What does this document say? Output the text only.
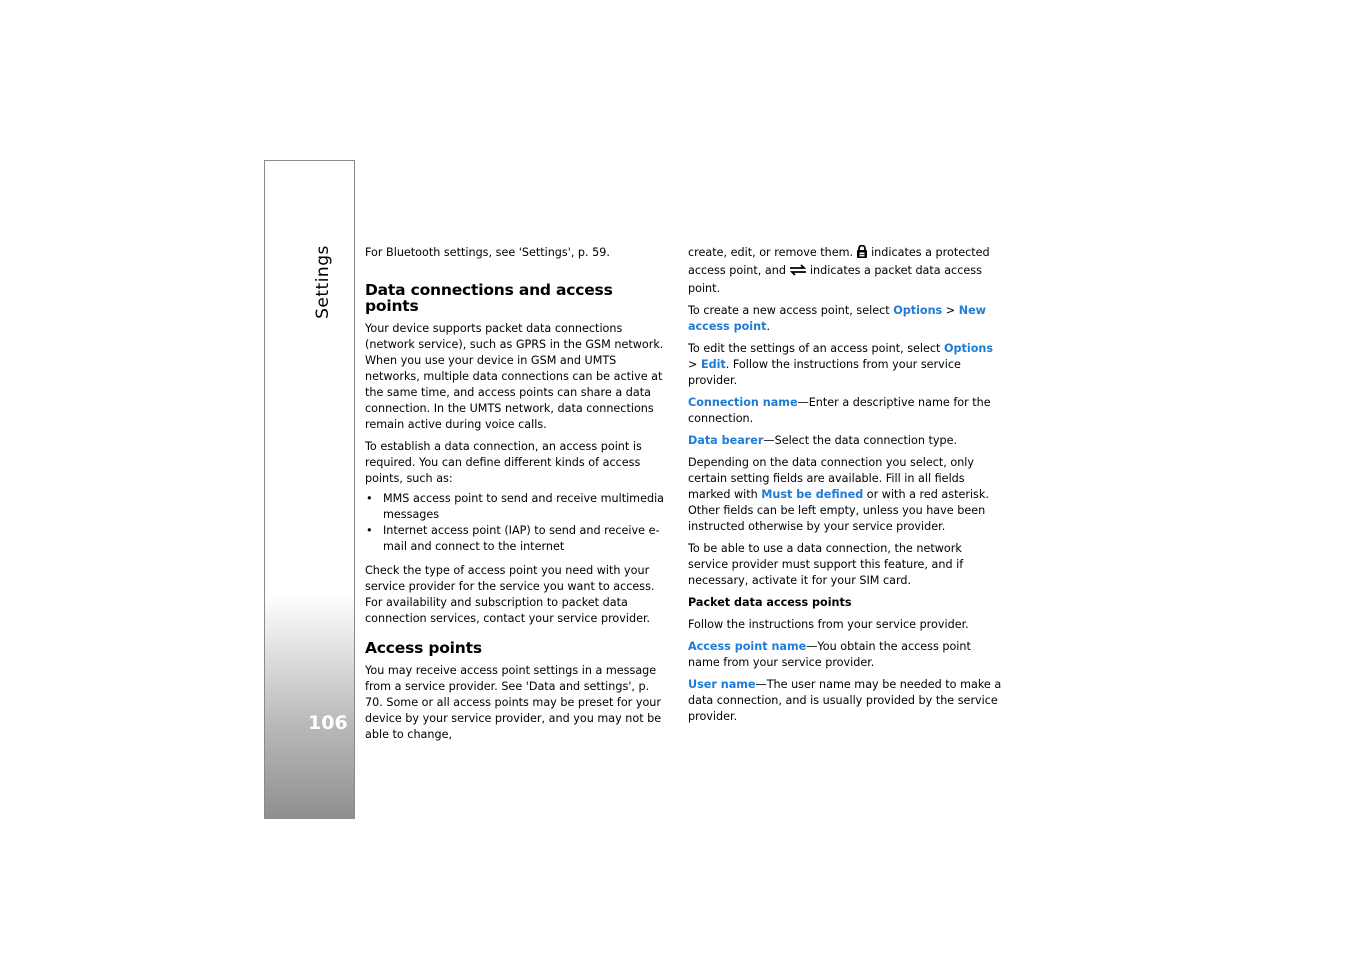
Settings
106

For Bluetooth settings, see 'Settings', p. 59.

Data connections and access points

Your device supports packet data connections (network service), such as GPRS in the GSM network. When you use your device in GSM and UMTS networks, multiple data connections can be active at the same time, and access points can share a data connection. In the UMTS network, data connections remain active during voice calls.

To establish a data connection, an access point is required. You can define different kinds of access points, such as:

• MMS access point to send and receive multimedia messages
• Internet access point (IAP) to send and receive e-mail and connect to the internet

Check the type of access point you need with your service provider for the service you want to access. For availability and subscription to packet data connection services, contact your service provider.

Access points

You may receive access point settings in a message from a service provider. See 'Data and settings', p. 70. Some or all access points may be preset for your device by your service provider, and you may not be able to change,

create, edit, or remove them. indicates a protected access point, and indicates a packet data access point.

To create a new access point, select Options > New access point.

To edit the settings of an access point, select Options > Edit. Follow the instructions from your service provider.

Connection name—Enter a descriptive name for the connection.

Data bearer—Select the data connection type.

Depending on the data connection you select, only certain setting fields are available. Fill in all fields marked with Must be defined or with a red asterisk. Other fields can be left empty, unless you have been instructed otherwise by your service provider.

To be able to use a data connection, the network service provider must support this feature, and if necessary, activate it for your SIM card.

Packet data access points

Follow the instructions from your service provider.

Access point name—You obtain the access point name from your service provider.

User name—The user name may be needed to make a data connection, and is usually provided by the service provider.
